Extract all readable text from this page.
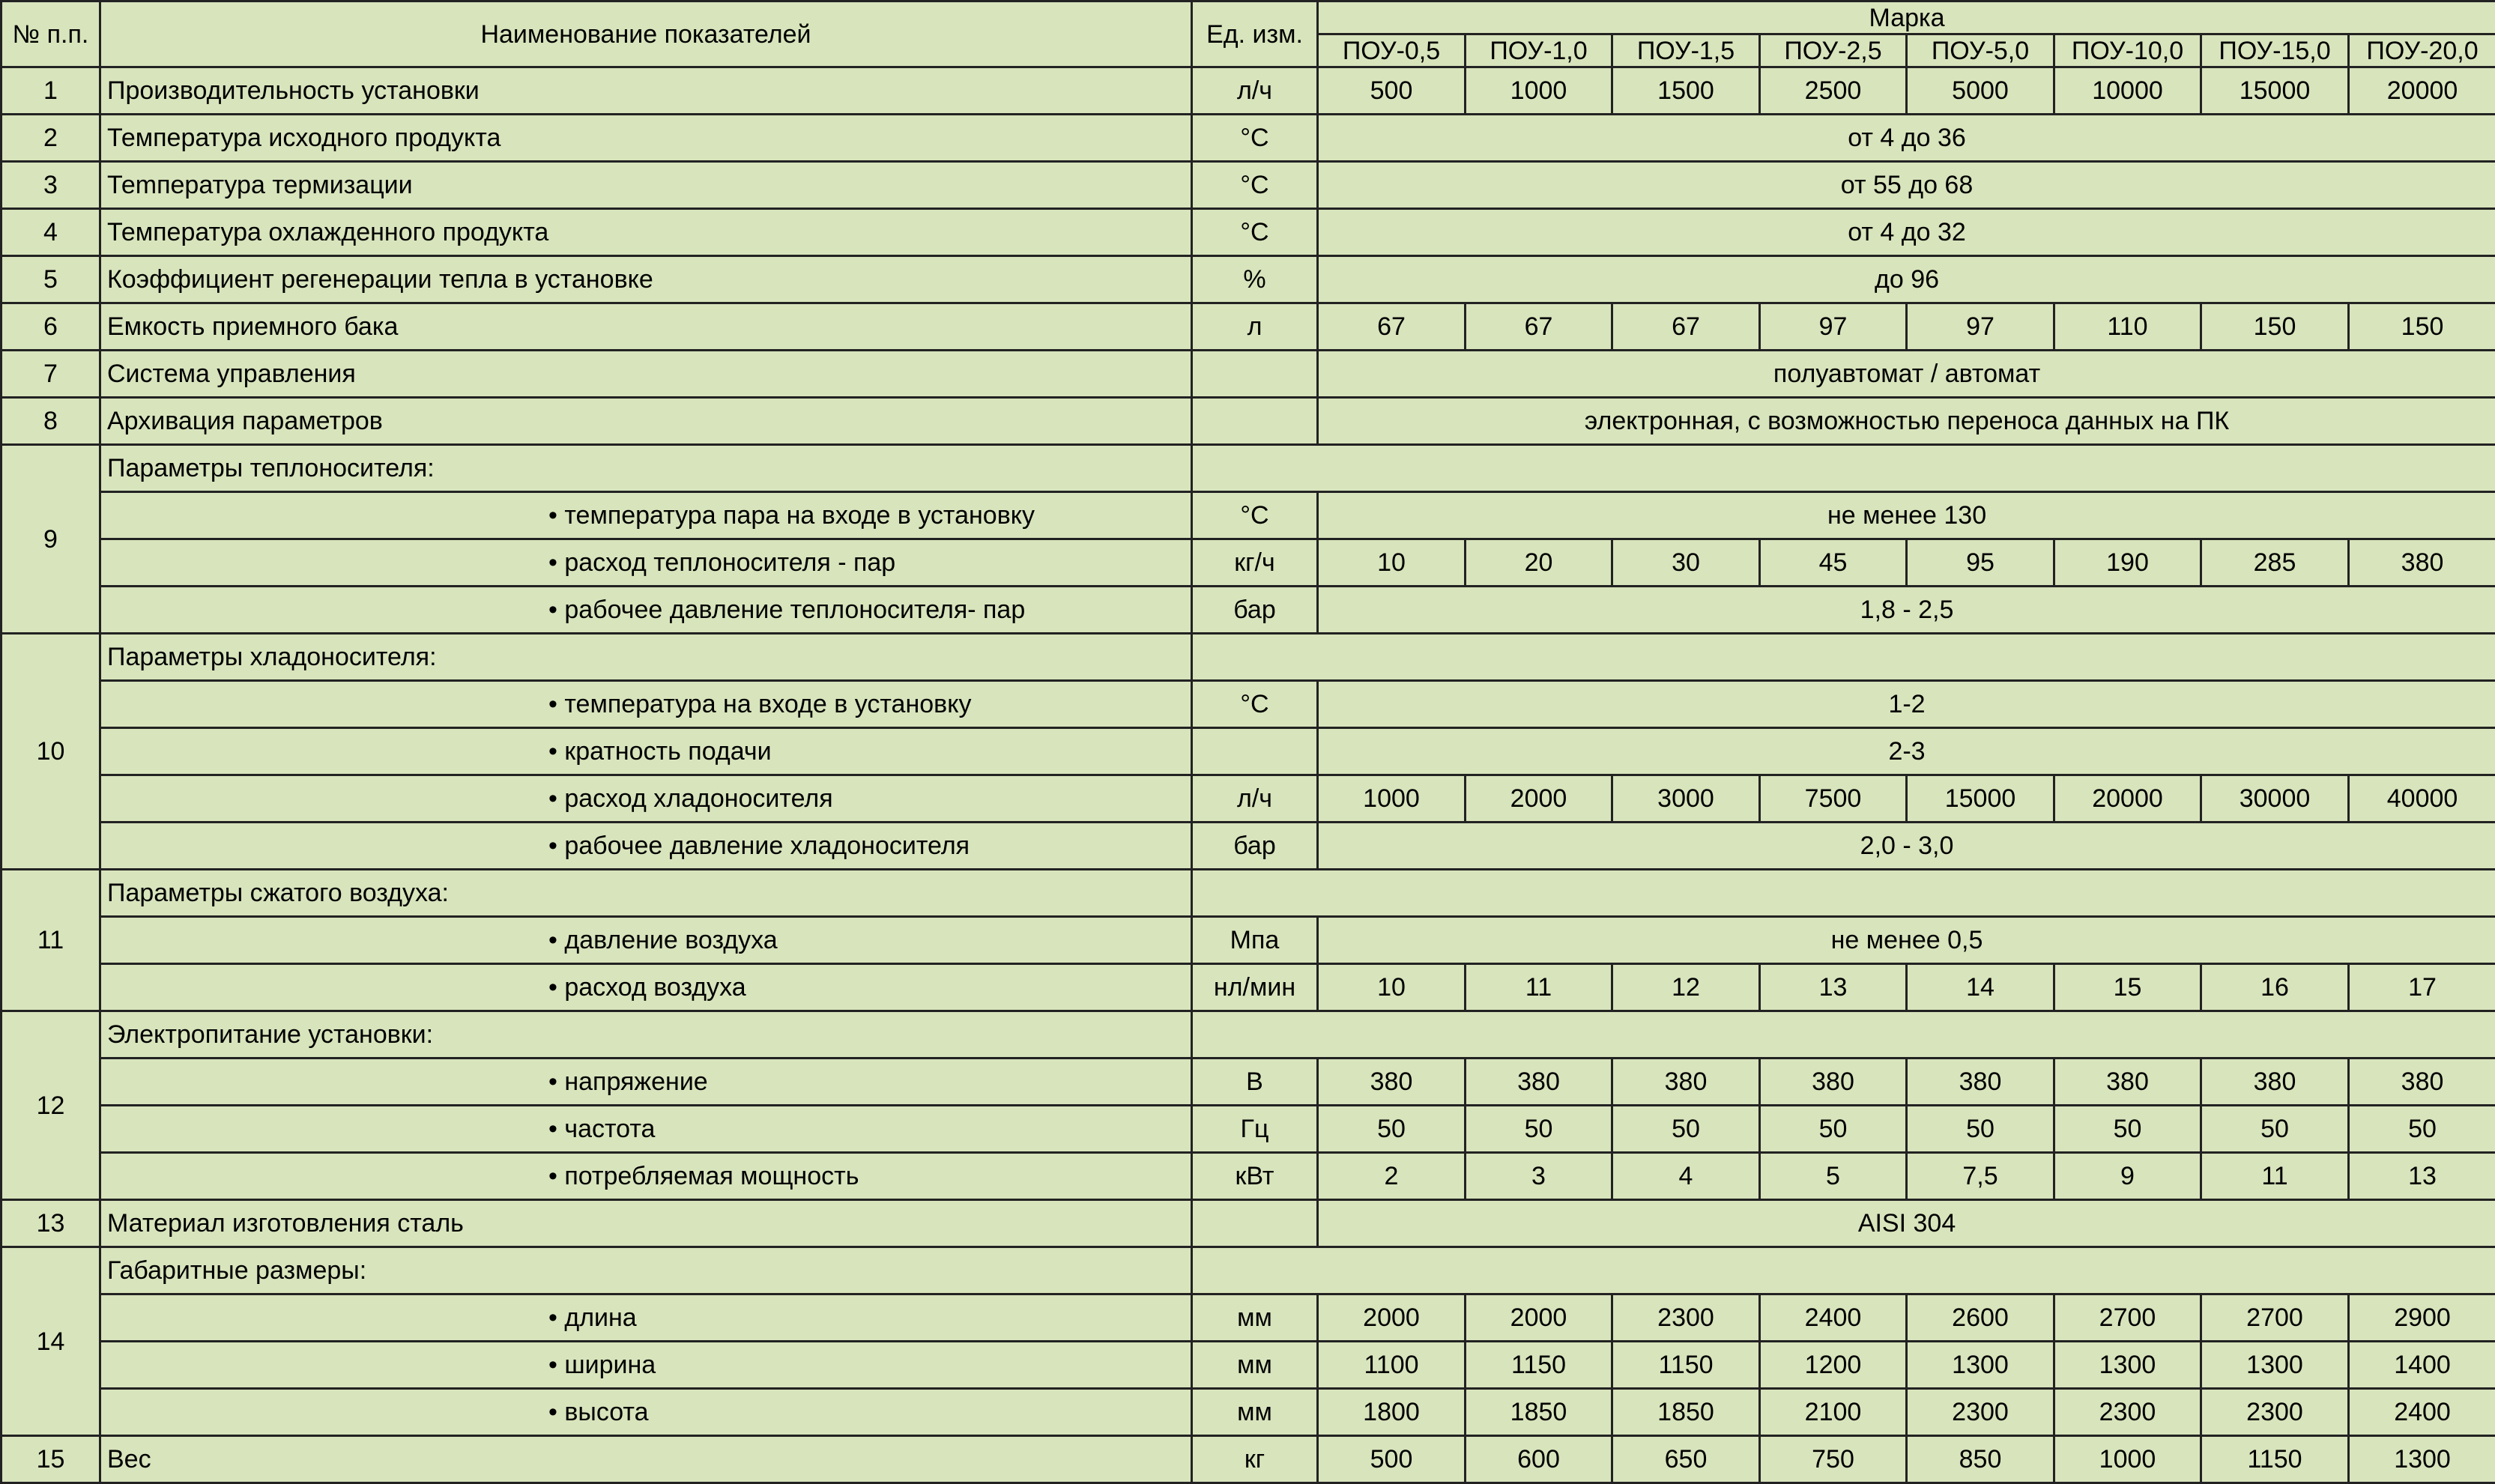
№ п.п.	Наименование показателей	Ед. изм.	Марка							
			ПОУ-0,5	ПОУ-1,0	ПОУ-1,5	ПОУ-2,5	ПОУ-5,0	ПОУ-10,0	ПОУ-15,0	ПОУ-20,0
1	Производительность установки	л/ч	500	1000	1500	2500	5000	10000	15000	20000
2	Температура исходного продукта	°С	от 4 до 36							
3	Теmпература термизации	°С	от 55 до 68							
4	Температура охлажденного продукта	°С	от 4 до 32							
5	Коэффициент регенерации тепла в установке	%	до 96							
6	Емкость приемного бака	л	67	67	67	97	97	110	150	150
7	Система управления		полуавтомат / автомат							
8	Архивация параметров		электронная, с возможностью переноса данных на ПК							
9	Параметры теплоносителя:									
	• температура пара на входе в установку	°С	не менее 130							
	• расход теплоносителя - пар	кг/ч	10	20	30	45	95	190	285	380
	• рабочее давление теплоносителя- пар	бар	1,8 - 2,5							
10	Параметры хладоносителя:									
	• температура на входе в установку	°С	1-2							
	• кратность подачи		2-3							
	• расход хладоносителя	л/ч	1000	2000	3000	7500	15000	20000	30000	40000
	• рабочее давление хладоносителя	бар	2,0 - 3,0							
11	Параметры сжатого воздуха:									
	• давление воздуха	Мпа	не менее 0,5							
	• расход воздуха	нл/мин	10	11	12	13	14	15	16	17
12	Электропитание установки:									
	• напряжение	В	380	380	380	380	380	380	380	380
	• частота	Гц	50	50	50	50	50	50	50	50
	• потребляемая мощность	кВт	2	3	4	5	7,5	9	11	13
13	Материал изготовления сталь		AISI 304							
14	Габаритные размеры:									
	• длина	мм	2000	2000	2300	2400	2600	2700	2700	2900
	• ширина	мм	1100	1150	1150	1200	1300	1300	1300	1400
	• высота	мм	1800	1850	1850	2100	2300	2300	2300	2400
15	Вес	кг	500	600	650	750	850	1000	1150	1300
